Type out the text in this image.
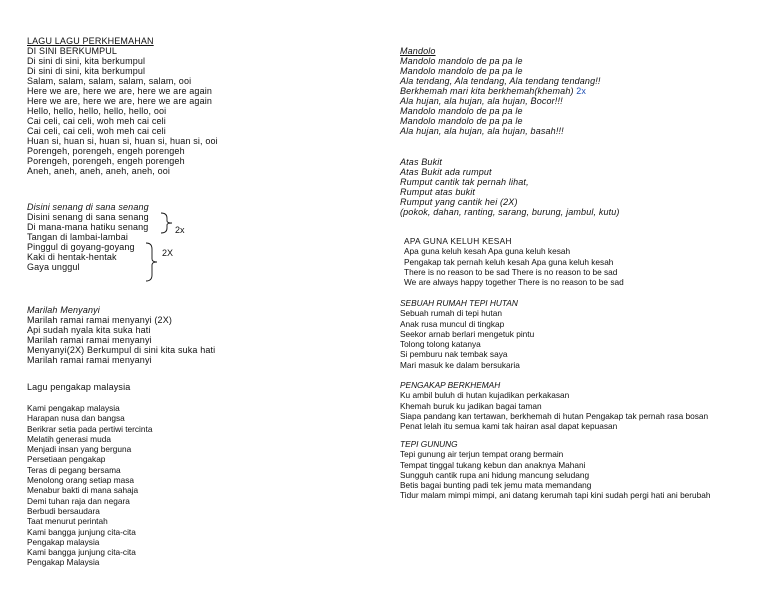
LAGU LAGU PERKHEMAHAN
DI SINI BERKUMPUL
Di sini di sini, kita berkumpul
Di sini di sini, kita berkumpul
Salam, salam, salam, salam, salam, ooi
Here we are, here we are, here we are again
Here we are, here we are, here we are again
Hello, hello, hello, hello, hello, ooi
Cai celi, cai celi, woh meh cai celi
Cai celi, cai celi, woh meh cai celi
Huan si, huan si, huan si, huan si, huan si, ooi
Porengeh, porengeh, engeh porengeh
Porengeh, porengeh, engeh porengeh
Aneh, aneh, aneh, aneh, aneh, ooi
Disini senang di sana senang
Disini senang di sana senang
Di mana-mana hatiku senang
Tangan di lambai-lambai
Pinggul di goyang-goyang
Kaki di hentak-hentak
Gaya unggul
2x
2X
Marilah Menyanyi
Marilah ramai ramai menyanyi (2X)
Api sudah nyala kita suka hati
Marilah ramai ramai menyanyi
Menyanyi(2X) Berkumpul di sini kita suka hati
Marilah ramai ramai menyanyi
Lagu pengakap malaysia
Kami pengakap malaysia
Harapan nusa dan bangsa
Berikrar setia pada pertiwi tercinta
Melatih generasi muda
Menjadi insan yang berguna
Persetiaan pengakap
Teras di pegang bersama
Menolong orang setiap masa
Menabur bakti di mana sahaja
Demi tuhan raja dan negara
Berbudi bersaudara
Taat menurut perintah
Kami bangga junjung cita-cita
Pengakap malaysia
Kami bangga junjung cita-cita
Pengakap Malaysia
Mandolo
Mandolo mandolo de pa pa le
Mandolo mandolo de pa pa le
Ala tendang, Ala tendang, Ala tendang tendang!!
Berkhemah mari kita berkhemah(khemah) 2x
Ala hujan, ala hujan, ala hujan, Bocor!!!
Mandolo mandolo de pa pa le
Mandolo mandolo de pa pa le
Ala hujan, ala hujan, ala hujan, basah!!!
Atas Bukit
Atas Bukit ada rumput
Rumput cantik tak pernah lihat,
Rumput atas bukit
Rumput yang cantik hei (2X)
(pokok, dahan, ranting, sarang, burung, jambul, kutu)
APA GUNA KELUH KESAH
Apa guna keluh kesah Apa guna keluh kesah
Pengakap tak pernah keluh kesah Apa guna keluh kesah
There is no reason to be sad There is no reason to be sad
We are always happy together There is no reason to be sad
SEBUAH RUMAH TEPI HUTAN
Sebuah rumah di tepi hutan
Anak rusa muncul di tingkap
Seekor arnab berlari mengetuk pintu
Tolong tolong katanya
Si pemburu nak tembak saya
Mari masuk ke dalam bersukaria
PENGAKAP BERKHEMAH
Ku ambil buluh di hutan kujadikan perkakasan
Khemah buruk ku jadikan bagai taman
Siapa pandang kan tertawan, berkhemah di hutan Pengakap tak pernah rasa bosan
Penat lelah itu semua kami tak hairan asal dapat kepuasan
TEPI GUNUNG
Tepi gunung air terjun tempat orang bermain
Tempat tinggal tukang kebun dan anaknya Mahani
Sungguh cantik rupa ani hidung mancung seludang
Betis bagai bunting padi tek jemu mata memandang
Tidur malam mimpi mimpi, ani datang kerumah tapi kini sudah pergi hati ani berubah
